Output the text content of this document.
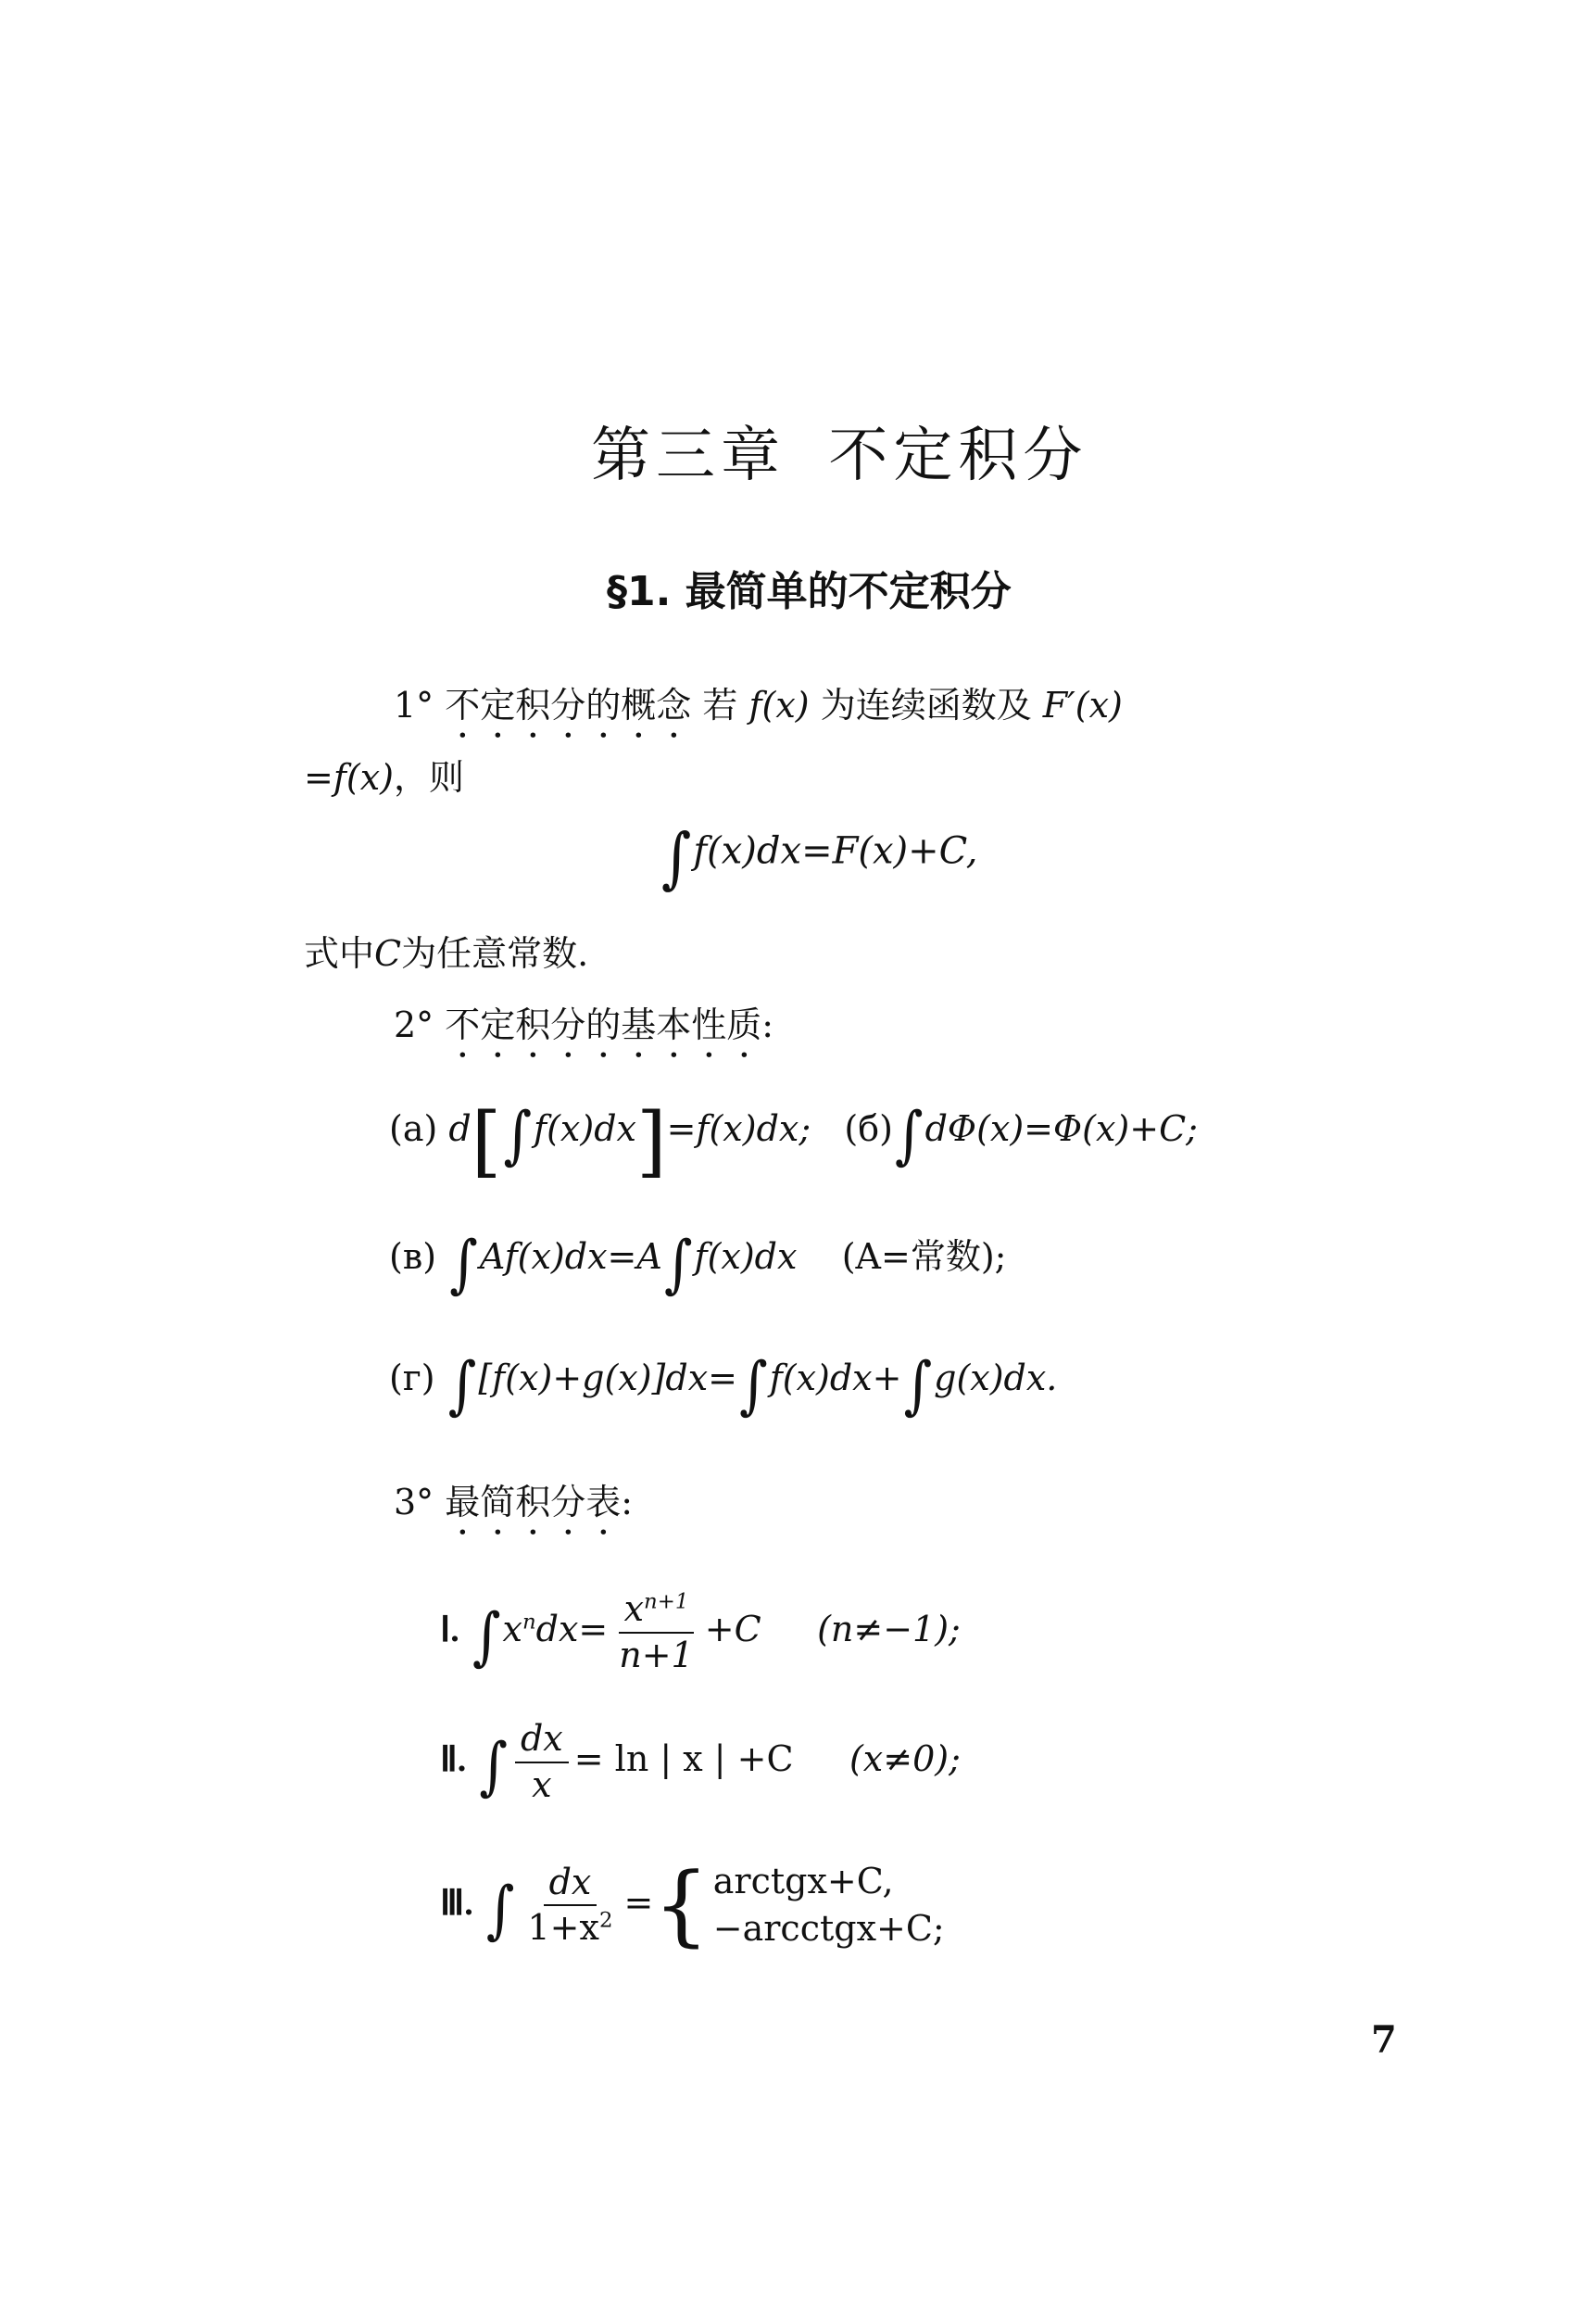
第三章 不定积分
§1. 最简单的不定积分
1° 不定积分的概念 若 f(x) 为连续函数及 F′(x)
=f(x)，则
∫f(x)dx=F(x)+C,
式中C为任意常数.
2° 不定积分的基本性质:
(a) d[∫f(x)dx]=f(x)dx; (б)∫dΦ(x)=Φ(x)+C;
(в) ∫Af(x)dx=A∫f(x)dx (A=常数);
(г) ∫[f(x)+g(x)]dx=∫f(x)dx+∫g(x)dx.
3° 最简积分表:
Ⅰ. $\int x^ndx= \frac{x^{n+1}}{n+1} +C$ (n≠−1);
Ⅱ. ∫ $\frac{dx}{x} = \ln$ | x | +C (x≠0);
Ⅲ. ∫ $\frac{dx}{1+x^2}$ = { arctgx+C,
−arcctgx+C;
7
